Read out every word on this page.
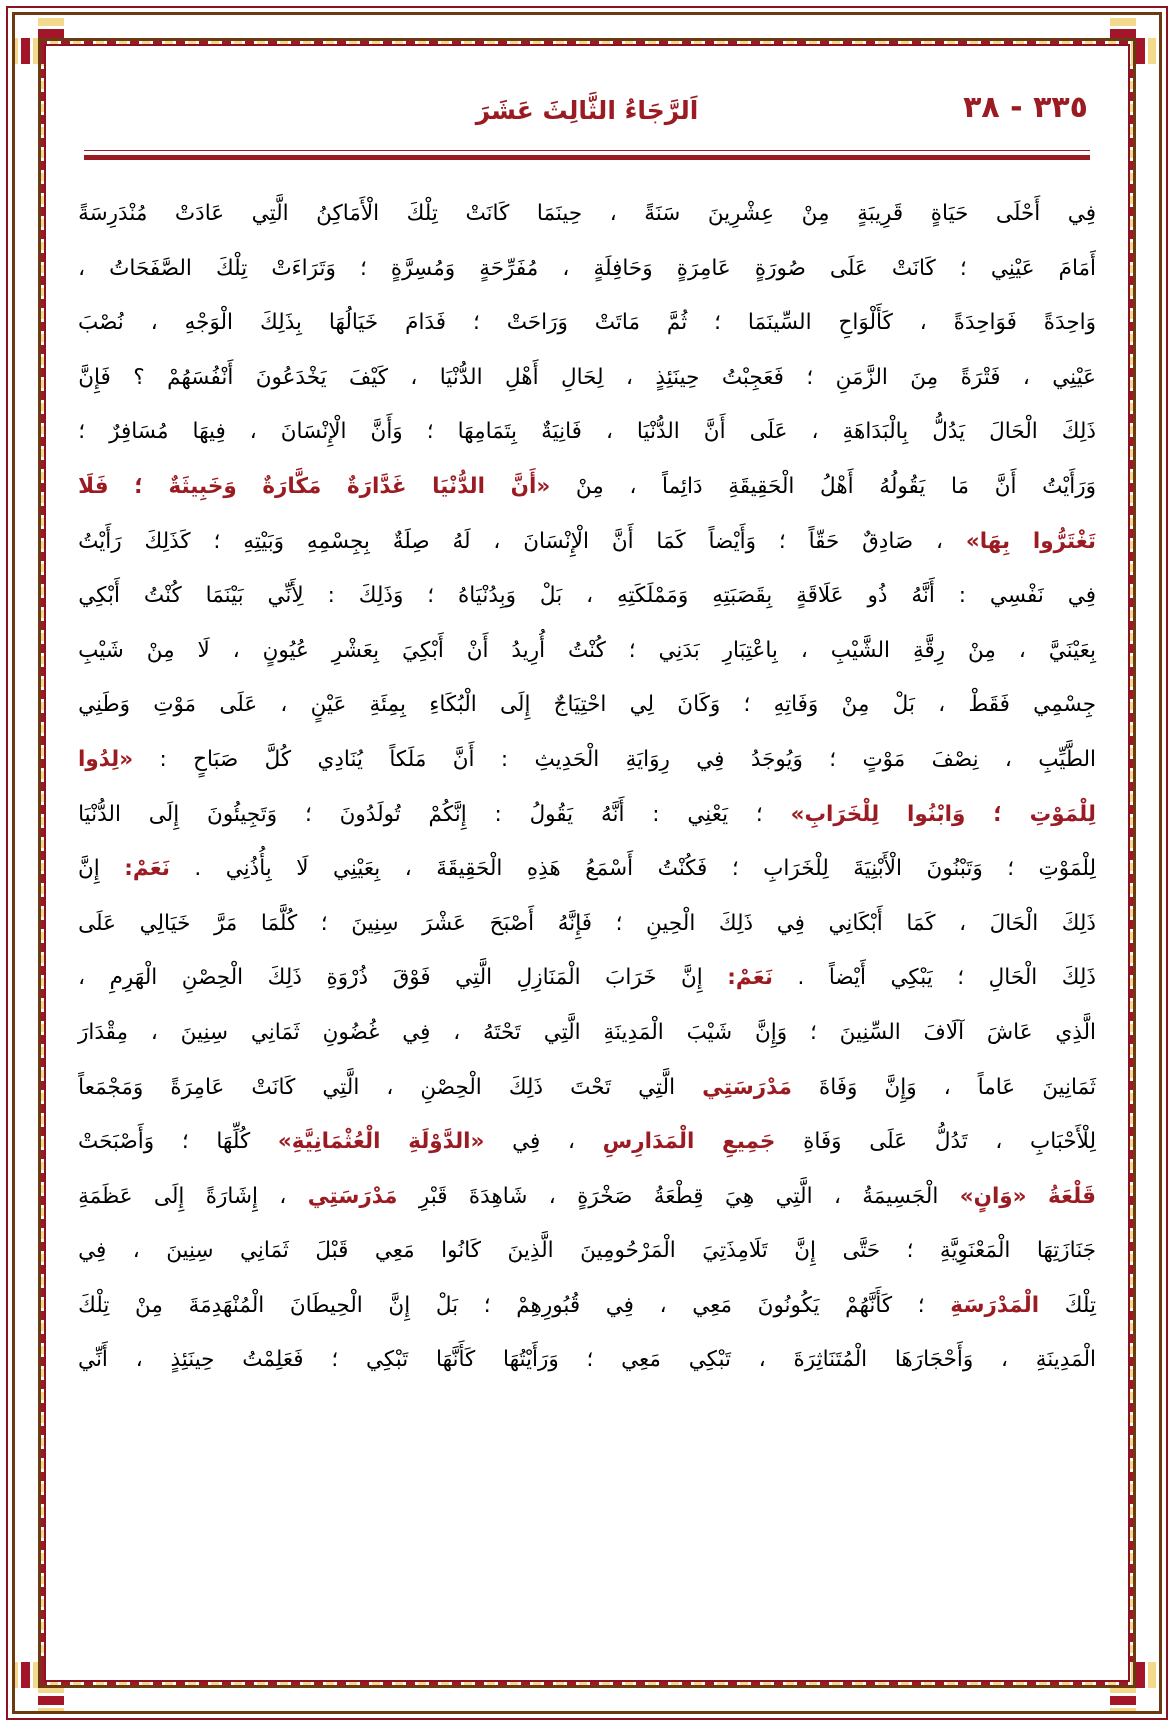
٣٣٥ - ٣٨
اَلرَّجَاءُ الثَّالِثَ عَشَرَ
فِي
أَحْلَى
حَيَاةٍ
قَرِيبَةٍ
مِنْ
عِشْرِينَ
سَنَةً
،
حِينَمَا
كَانَتْ
تِلْكَ
الْأَمَاكِنُ
الَّتِي
عَادَتْ
مُنْدَرِسَةً
أَمَامَ
عَيْنِي
؛
كَانَتْ
عَلَى
صُورَةٍ
عَامِرَةٍ
وَحَافِلَةٍ
،
مُفَرِّحَةٍ
وَمُسِرَّةٍ
؛
وَتَرَاءَتْ
تِلْكَ
الصَّفَحَاتُ
،
وَاحِدَةً
فَوَاحِدَةً
،
كَأَلْوَاحِ
السِّينَمَا
؛
ثُمَّ
مَاتَتْ
وَرَاحَتْ
؛
فَدَامَ
خَيَالُهَا
بِذَلِكَ
الْوَجْهِ
،
نُصْبَ
عَيْنِي
،
فَتْرَةً
مِنَ
الزَّمَنِ
؛
فَعَجِبْتُ
حِينَئِذٍ
،
لِحَالِ
أَهْلِ
الدُّنْيَا
،
كَيْفَ
يَخْدَعُونَ
أَنْفُسَهُمْ
؟
فَإِنَّ
ذَلِكَ
الْحَالَ
يَدُلُّ
بِالْبَدَاهَةِ
،
عَلَى
أَنَّ
الدُّنْيَا
،
فَانِيَةٌ
بِتَمَامِهَا
؛
وَأَنَّ
الْإِنْسَانَ
،
فِيهَا
مُسَافِرٌ
؛
وَرَأَيْتُ
أَنَّ
مَا
يَقُولُهُ
أَهْلُ
الْحَقِيقَةِ
دَائِماً
،
مِنْ
«أَنَّ
الدُّنْيَا
غَدَّارَةٌ
مَكَّارَةٌ
وَخَبِيثَةٌ
؛
فَلَا
تَغْتَرُّوا
بِهَا»
،
صَادِقٌ
حَقّاً
؛
وَأَيْضاً
كَمَا
أَنَّ
الْإِنْسَانَ
،
لَهُ
صِلَةٌ
بِجِسْمِهِ
وَبَيْتِهِ
؛
كَذَلِكَ
رَأَيْتُ
فِي
نَفْسِي
:
أَنَّهُ
ذُو
عَلَاقَةٍ
بِقَصَبَتِهِ
وَمَمْلَكَتِهِ
،
بَلْ
وَبِدُنْيَاهُ
؛
وَذَلِكَ
:
لِأَنِّي
بَيْنَمَا
كُنْتُ
أَبْكِي
بِعَيْنَيَّ
،
مِنْ
رِقَّةِ
الشَّيْبِ
،
بِاعْتِبَارِ
بَدَنِي
؛
كُنْتُ
أُرِيدُ
أَنْ
أَبْكِيَ
بِعَشْرِ
عُيُونٍ
،
لَا
مِنْ
شَيْبِ
جِسْمِي
فَقَطْ
،
بَلْ
مِنْ
وَفَاتِهِ
؛
وَكَانَ
لِي
احْتِيَاجٌ
إِلَى
الْبُكَاءِ
بِمِئَةِ
عَيْنٍ
،
عَلَى
مَوْتِ
وَطَنِي
الطَّيِّبِ
،
نِصْفَ
مَوْتٍ
؛
وَيُوجَدُ
فِي
رِوَايَةِ
الْحَدِيثِ
:
أَنَّ
مَلَكاً
يُنَادِي
كُلَّ
صَبَاحٍ
:
«لِدُوا
لِلْمَوْتِ
؛
وَابْنُوا
لِلْخَرَابِ»
؛
يَعْنِي
:
أَنَّهُ
يَقُولُ
:
إِنَّكُمْ
تُولَدُونَ
؛
وَتَجِيئُونَ
إِلَى
الدُّنْيَا
لِلْمَوْتِ
؛
وَتَبْنُونَ
الْأَبْنِيَةَ
لِلْخَرَابِ
؛
فَكُنْتُ
أَسْمَعُ
هَذِهِ
الْحَقِيقَةَ
،
بِعَيْنِي
لَا
بِأُذُنِي
.
نَعَمْ:
إِنَّ
ذَلِكَ
الْحَالَ
،
كَمَا
أَبْكَانِي
فِي
ذَلِكَ
الْحِينِ
؛
فَإِنَّهُ
أَصْبَحَ
عَشْرَ
سِنِينَ
؛
كُلَّمَا
مَرَّ
خَيَالِي
عَلَى
ذَلِكَ
الْحَالِ
؛
يَبْكِي
أَيْضاً
.
نَعَمْ:
إِنَّ
خَرَابَ
الْمَنَازِلِ
الَّتِي
فَوْقَ
ذُرْوَةِ
ذَلِكَ
الْحِصْنِ
الْهَرِمِ
،
الَّذِي
عَاشَ
آلَافَ
السِّنِينَ
؛
وَإِنَّ
شَيْبَ
الْمَدِينَةِ
الَّتِي
تَحْتَهُ
،
فِي
غُضُونِ
ثَمَانِي
سِنِينَ
،
مِقْدَارَ
ثَمَانِينَ
عَاماً
،
وَإِنَّ
وَفَاةَ
مَدْرَسَتِي
الَّتِي
تَحْتَ
ذَلِكَ
الْحِصْنِ
،
الَّتِي
كَانَتْ
عَامِرَةً
وَمَجْمَعاً
لِلْأَحْبَابِ
،
تَدُلُّ
عَلَى
وَفَاةِ
جَمِيعِ
الْمَدَارِسِ
،
فِي
«الدَّوْلَةِ
الْعُثْمَانِيَّةِ»
كُلِّهَا
؛
وَأَصْبَحَتْ
قَلْعَةُ
«وَانٍ»
الْجَسِيمَةُ
،
الَّتِي
هِيَ
قِطْعَةُ
صَخْرَةٍ
،
شَاهِدَةَ
قَبْرِ
مَدْرَسَتِي
،
إِشَارَةً
إِلَى
عَظَمَةِ
جَنَازَتِهَا
الْمَعْنَوِيَّةِ
؛
حَتَّى
إِنَّ
تَلَامِذَتِيَ
الْمَرْحُومِينَ
الَّذِينَ
كَانُوا
مَعِي
قَبْلَ
ثَمَانِي
سِنِينَ
،
فِي
تِلْكَ
الْمَدْرَسَةِ
؛
كَأَنَّهُمْ
يَكُونُونَ
مَعِي
،
فِي
قُبُورِهِمْ
؛
بَلْ
إِنَّ
الْحِيطَانَ
الْمُنْهَدِمَةَ
مِنْ
تِلْكَ
الْمَدِينَةِ
،
وَأَحْجَارَهَا
الْمُتَنَاثِرَةَ
،
تَبْكِي
مَعِي
؛
وَرَأَيْتُهَا
كَأَنَّهَا
تَبْكِي
؛
فَعَلِمْتُ
حِينَئِذٍ
،
أَنِّي
